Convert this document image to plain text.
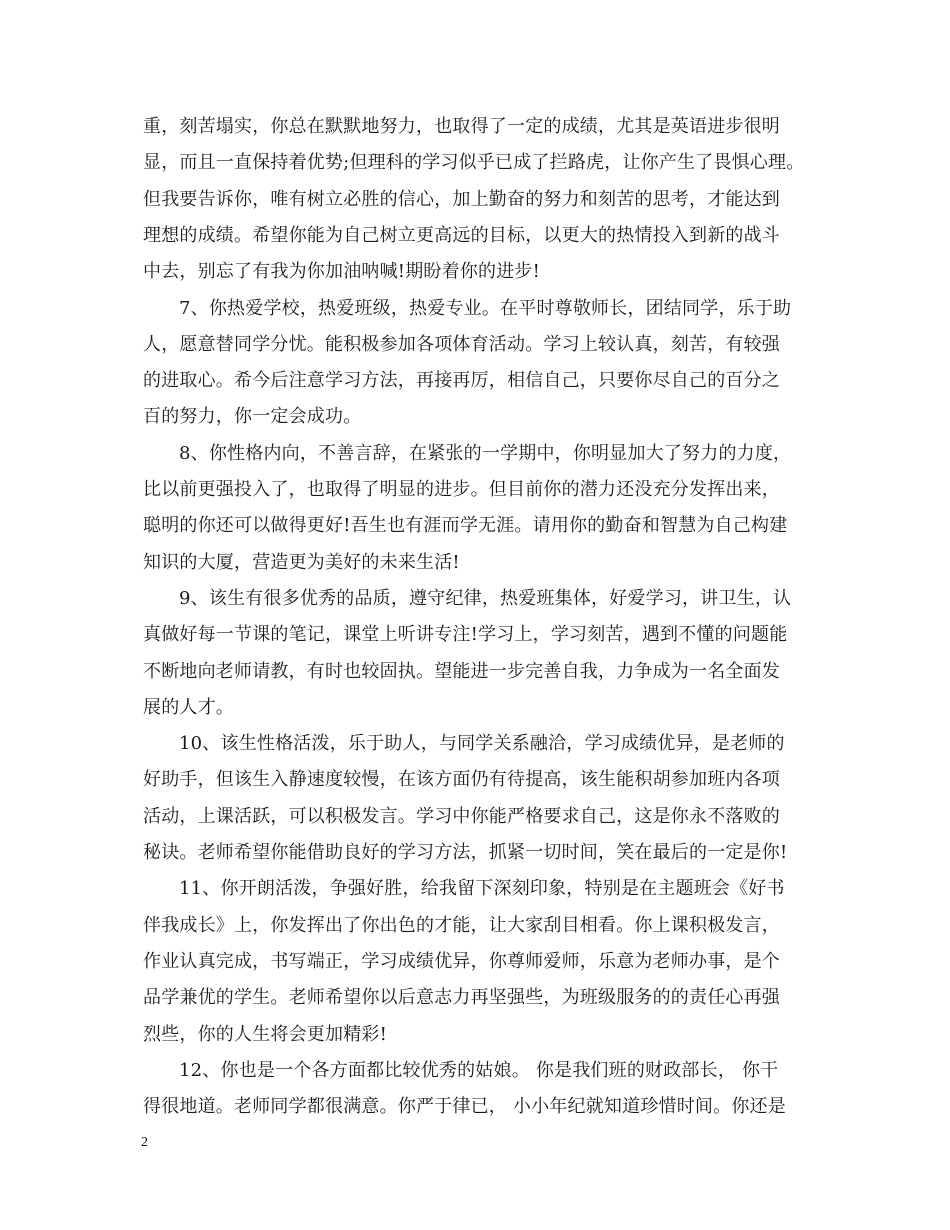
重，刻苦塌实，你总在默默地努力，也取得了一定的成绩，尤其是英语进步很明
显，而且一直保持着优势;但理科的学习似乎已成了拦路虎，让你产生了畏惧心理。
但我要告诉你，唯有树立必胜的信心，加上勤奋的努力和刻苦的思考，才能达到
理想的成绩。希望你能为自己树立更高远的目标，以更大的热情投入到新的战斗
中去，别忘了有我为你加油呐喊!期盼着你的进步!
7、你热爱学校，热爱班级，热爱专业。在平时尊敬师长，团结同学，乐于助
人，愿意替同学分忧。能积极参加各项体育活动。学习上较认真，刻苦，有较强
的进取心。希今后注意学习方法，再接再厉，相信自己，只要你尽自己的百分之
百的努力，你一定会成功。
8、你性格内向，不善言辞，在紧张的一学期中，你明显加大了努力的力度，
比以前更强投入了，也取得了明显的进步。但目前你的潜力还没充分发挥出来，
聪明的你还可以做得更好!吾生也有涯而学无涯。请用你的勤奋和智慧为自己构建
知识的大厦，营造更为美好的未来生活!
9、该生有很多优秀的品质，遵守纪律，热爱班集体，好爱学习，讲卫生，认
真做好每一节课的笔记，课堂上听讲专注!学习上，学习刻苦，遇到不懂的问题能
不断地向老师请教，有时也较固执。望能进一步完善自我，力争成为一名全面发
展的人才。
10、该生性格活泼，乐于助人，与同学关系融洽，学习成绩优异，是老师的
好助手，但该生入静速度较慢，在该方面仍有待提高，该生能积胡参加班内各项
活动，上课活跃，可以积极发言。学习中你能严格要求自己，这是你永不落败的
秘诀。老师希望你能借助良好的学习方法，抓紧一切时间，笑在最后的一定是你!
11、你开朗活泼，争强好胜，给我留下深刻印象，特别是在主题班会《好书
伴我成长》上，你发挥出了你出色的才能，让大家刮目相看。你上课积极发言，
作业认真完成，书写端正，学习成绩优异，你尊师爱师，乐意为老师办事，是个
品学兼优的学生。老师希望你以后意志力再坚强些，为班级服务的的责任心再强
烈些，你的人生将会更加精彩!
12、你也是一个各方面都比较优秀的姑娘。 你是我们班的财政部长， 你干
得很地道。老师同学都很满意。你严于律已， 小小年纪就知道珍惜时间。你还是
2
